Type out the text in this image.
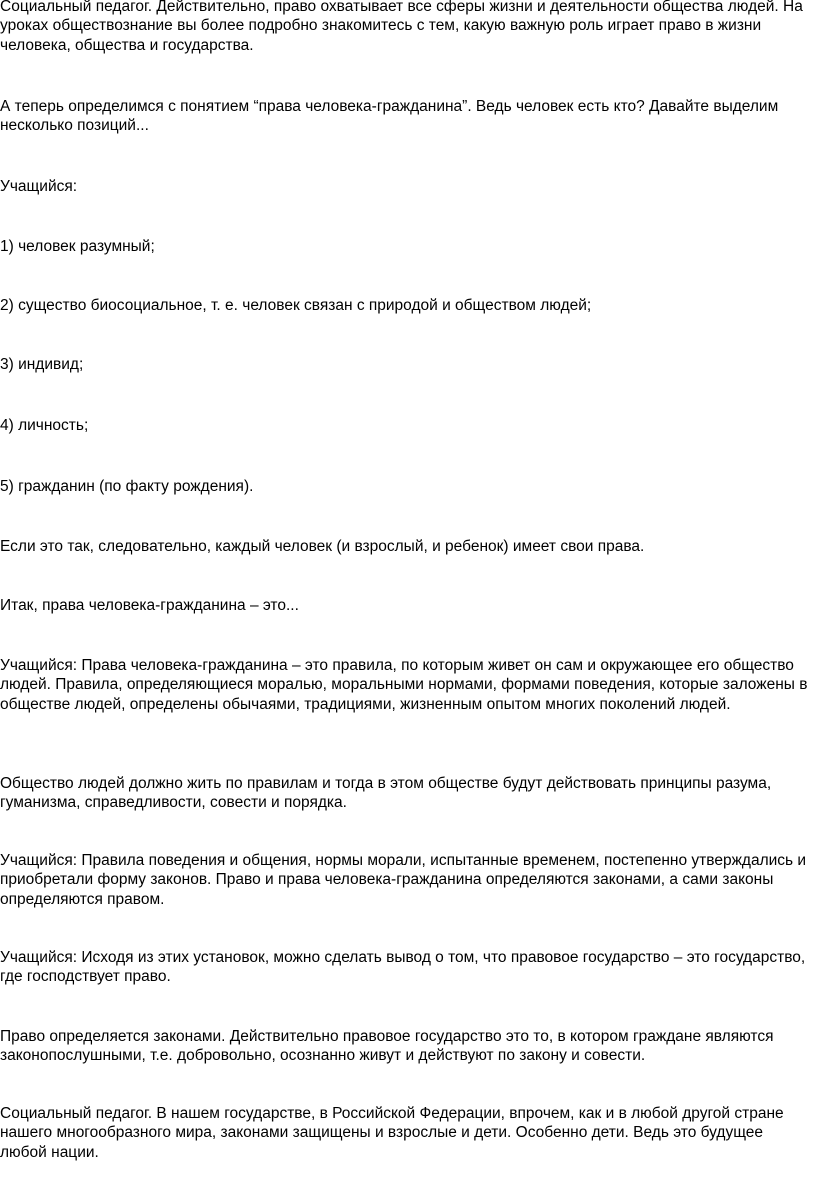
Социальный педагог. Действительно, право охватывает все сферы жизни и деятельности общества людей. На уроках обществознание вы более подробно знакомитесь с тем, какую важную роль играет право в жизни человека, общества и государства.

А теперь определимся с понятием “права человека-гражданина”. Ведь человек есть кто? Давайте выделим несколько позиций...

Учащийся:

1) человек разумный;

2) существо биосоциальное, т. е. человек связан с природой и обществом людей;

3) индивид;

4) личность;

5) гражданин (по факту рождения).

Если это так, следовательно, каждый человек (и взрослый, и ребенок) имеет свои права.

Итак, права человека-гражданина – это...

Учащийся: Права человека-гражданина – это правила, по которым живет он сам и окружающее его общество людей. Правила, определяющиеся моралью, моральными нормами, формами поведения, которые заложены в обществе людей, определены обычаями, традициями, жизненным опытом многих поколений людей.

Общество людей должно жить по правилам и тогда в этом обществе будут действовать принципы разума, гуманизма, справедливости, совести и порядка.

Учащийся: Правила поведения и общения, нормы морали, испытанные временем, постепенно утверждались и приобретали форму законов. Право и права человека-гражданина определяются законами, а сами законы определяются правом.

Учащийся: Исходя из этих установок, можно сделать вывод о том, что правовое государство – это государство, где господствует право.

Право определяется законами. Действительно правовое государство это то, в котором граждане являются законопослушными, т.е. добровольно, осознанно живут и действуют по закону и совести.

Социальный педагог. В нашем государстве, в Российской Федерации, впрочем, как и в любой другой стране нашего многообразного мира, законами защищены и взрослые и дети. Особенно дети. Ведь это будущее любой нации.
